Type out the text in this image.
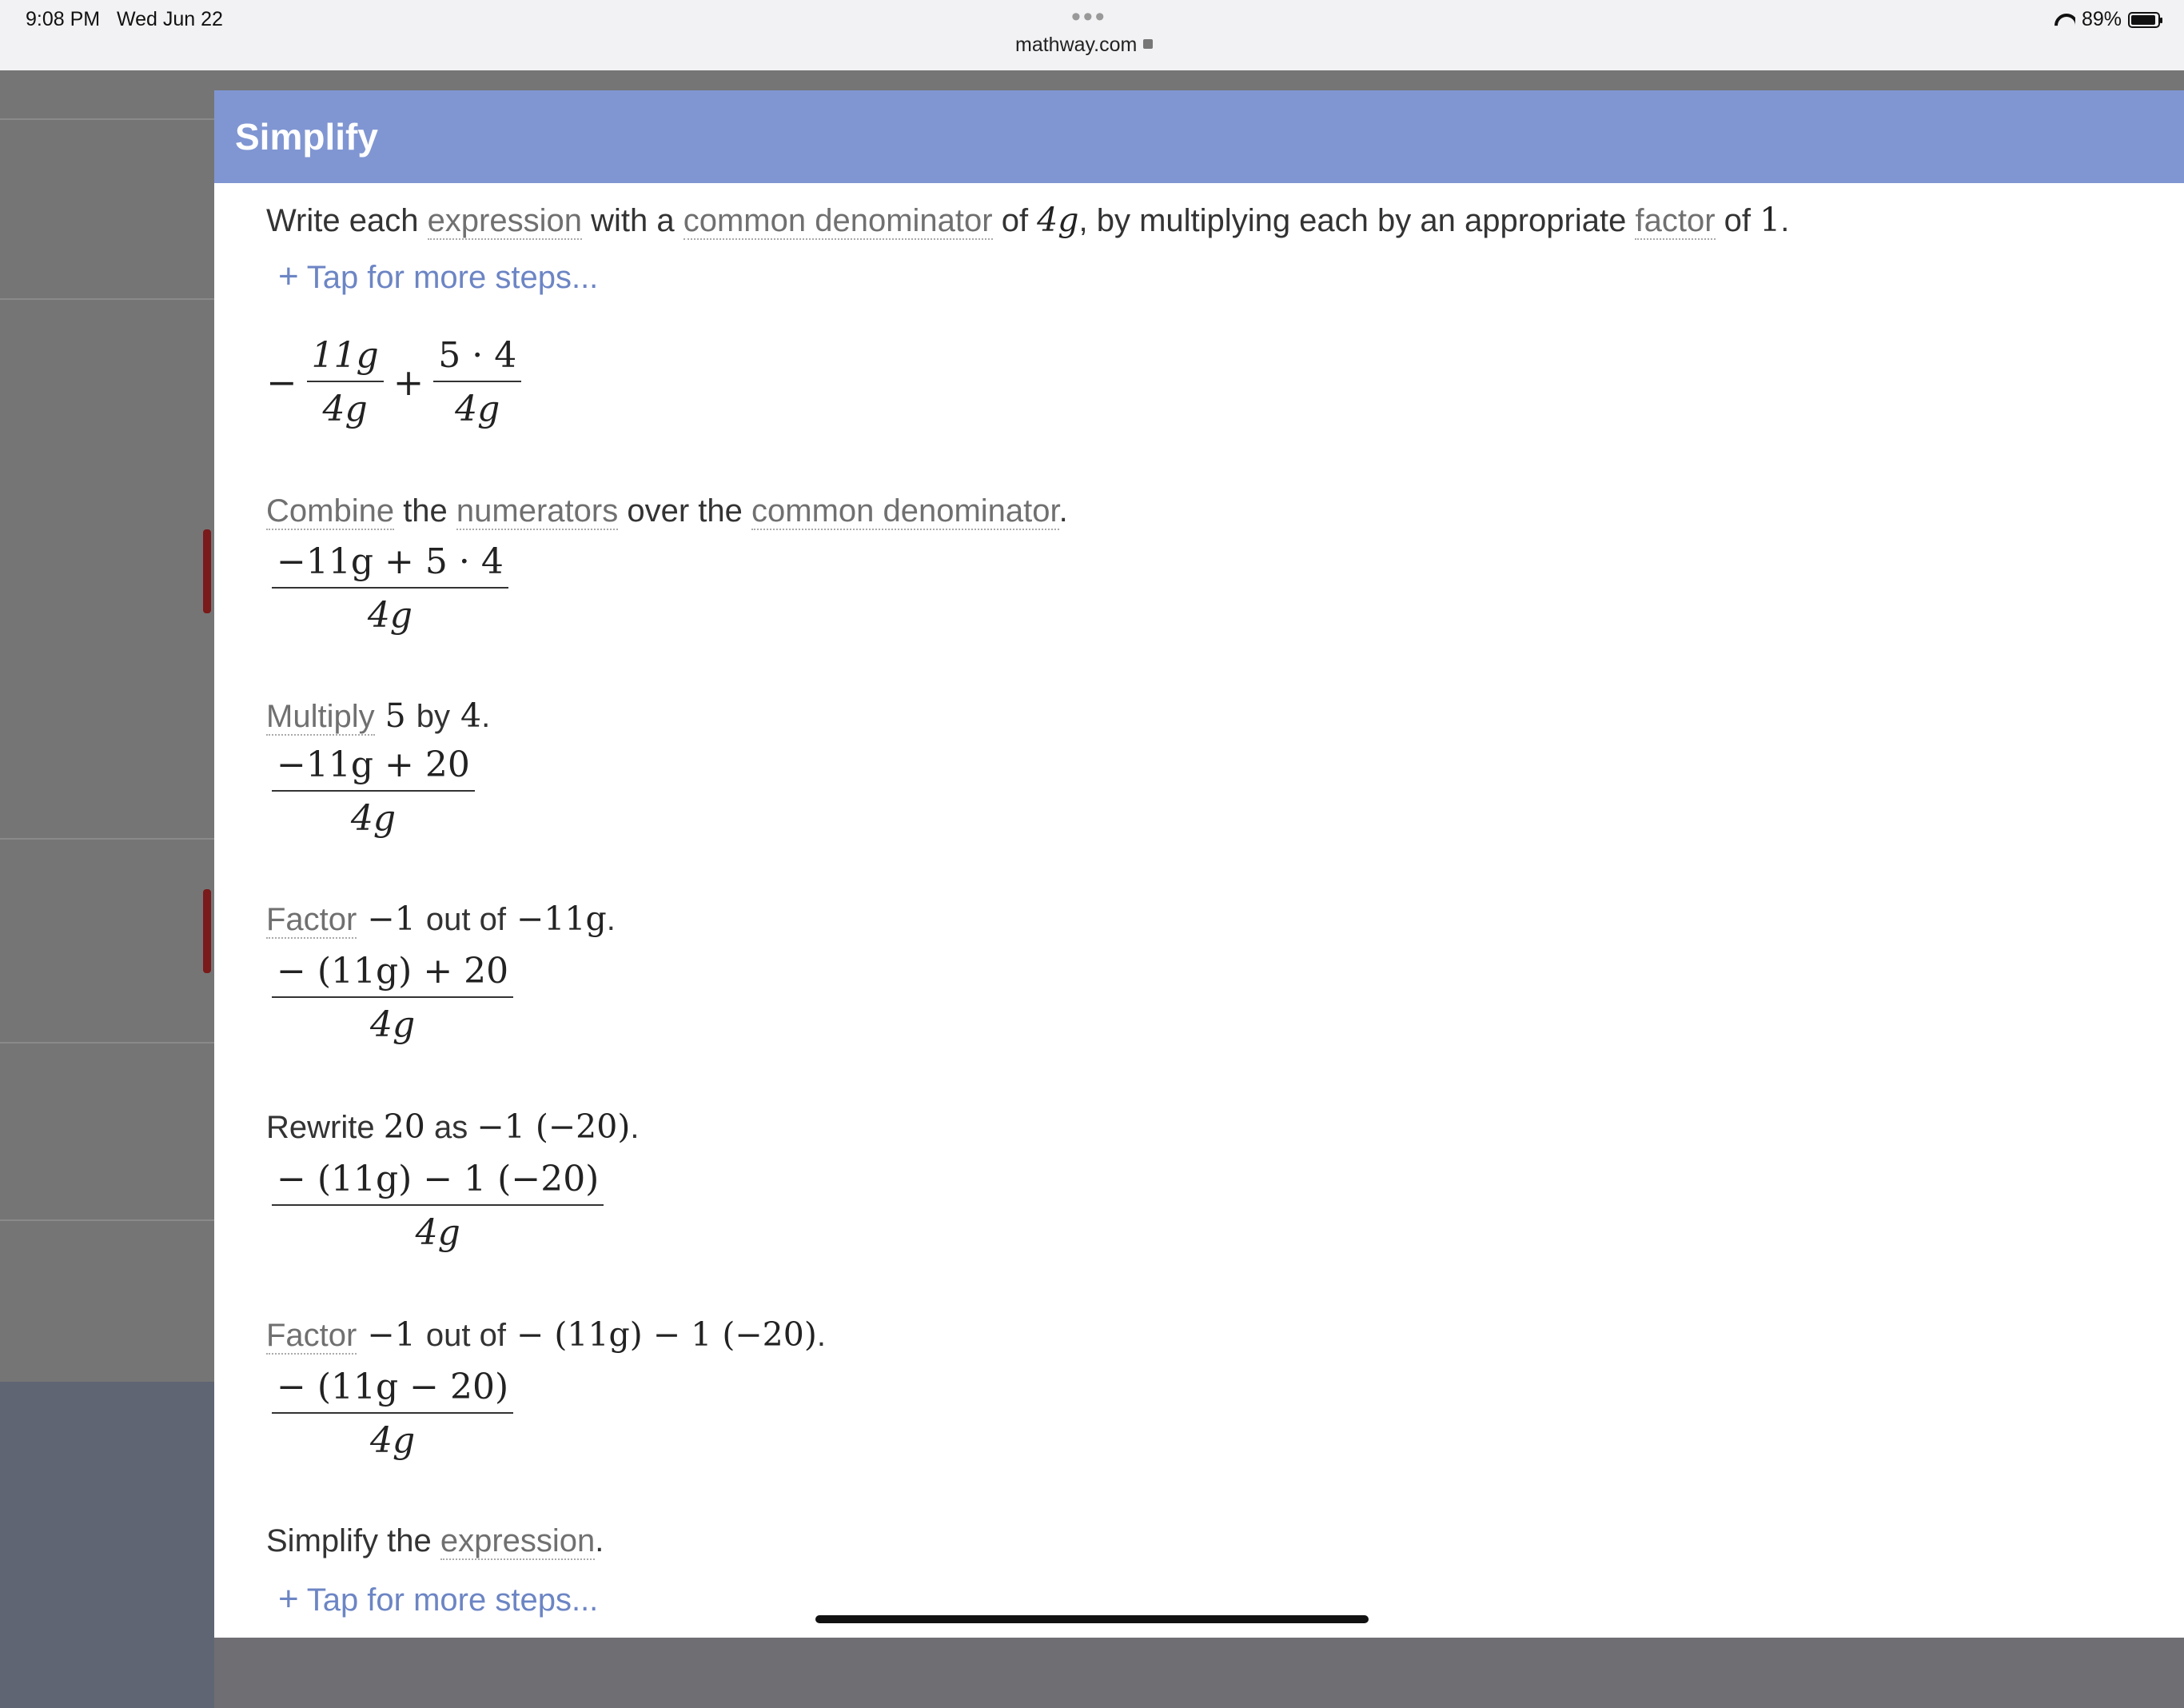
9:08 PM Wed Jun 22	•••
mathway.com
89%
Simplify
Write each expression with a common denominator of 4g, by multiplying each by an appropriate factor of 1.
+ Tap for more steps...
− $\frac{11g}{4g} + \frac{5 \cdot 4}{4g}$
Combine the numerators over the common denominator.
$\frac{-11g + 5 \cdot 4}{4g}$
Multiply 5 by 4.
$\frac{-11g + 20}{4g}$
Factor −1 out of −11g.
$\frac{- (11g) + 20}{4g}$
Rewrite 20 as −1 (−20).
$\frac{- (11g) - 1 (-20)}{4g}$
Factor −1 out of − (11g) − 1 (−20).
$\frac{- (11g - 20)}{4g}$
Simplify the expression.
+ Tap for more steps...
